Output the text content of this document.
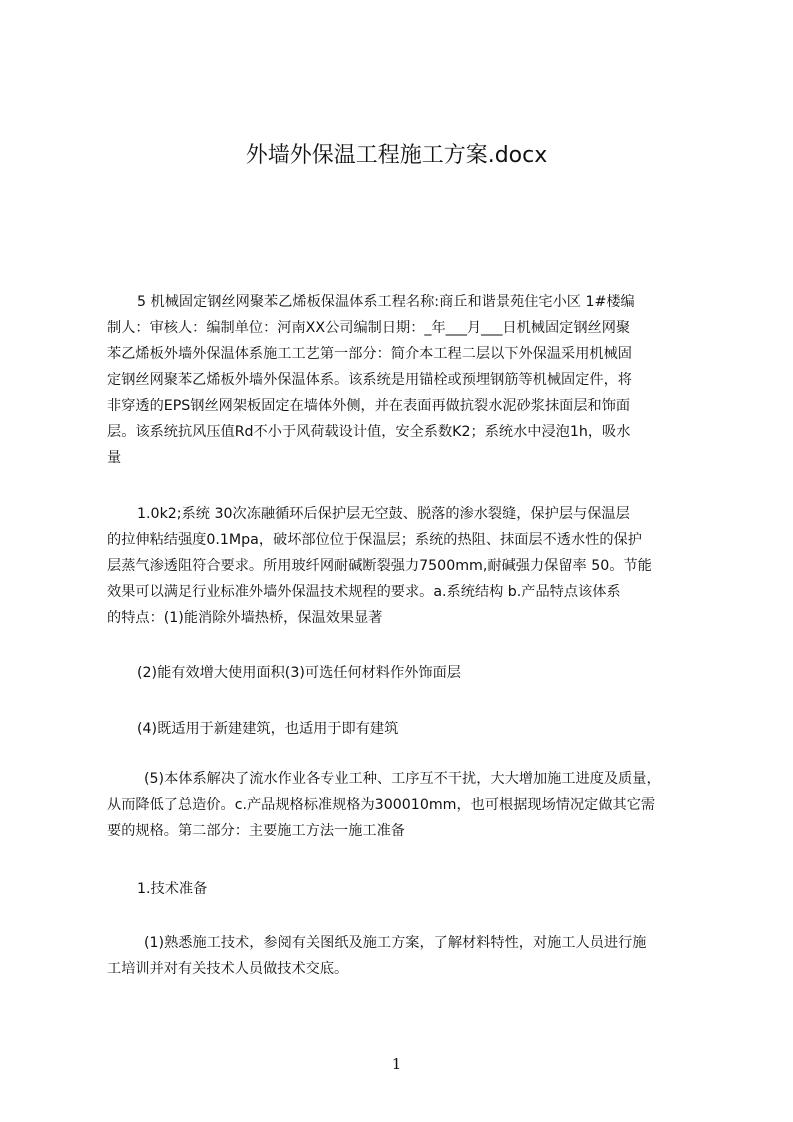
外墙外保温工程施工方案.docx
5 机械固定钢丝网聚苯乙烯板保温体系工程名称:商丘和谐景苑住宅小区 1#楼编
制人：审核人：编制单位：河南XX公司编制日期：_年___月___日机械固定钢丝网聚
苯乙烯板外墙外保温体系施工工艺第一部分：简介本工程二层以下外保温采用机械固
定钢丝网聚苯乙烯板外墙外保温体系。该系统是用锚栓或预埋钢筋等机械固定件，将
非穿透的EPS钢丝网架板固定在墙体外侧，并在表面再做抗裂水泥砂浆抹面层和饰面
层。该系统抗风压值Rd不小于风荷载设计值，安全系数K2；系统水中浸泡1h，吸水
量
1.0k2;系统 30次冻融循环后保护层无空鼓、脱落的渗水裂缝，保护层与保温层
的拉伸粘结强度0.1Mpa，破坏部位位于保温层；系统的热阻、抹面层不透水性的保护
层蒸气渗透阻符合要求。所用玻纤网耐碱断裂强力7500mm,耐碱强力保留率 50。节能
效果可以满足行业标准外墙外保温技术规程的要求。a.系统结构 b.产品特点该体系
的特点：(1)能消除外墙热桥，保温效果显著
(2)能有效增大使用面积(3)可选任何材料作外饰面层
(4)既适用于新建建筑，也适用于即有建筑
(5)本体系解决了流水作业各专业工种、工序互不干扰，大大增加施工进度及质量，
从而降低了总造价。c.产品规格标准规格为300010mm，也可根据现场情况定做其它需
要的规格。第二部分：主要施工方法一施工准备
1.技术准备
(1)熟悉施工技术，参阅有关图纸及施工方案，了解材料特性，对施工人员进行施
工培训并对有关技术人员做技术交底。
1
